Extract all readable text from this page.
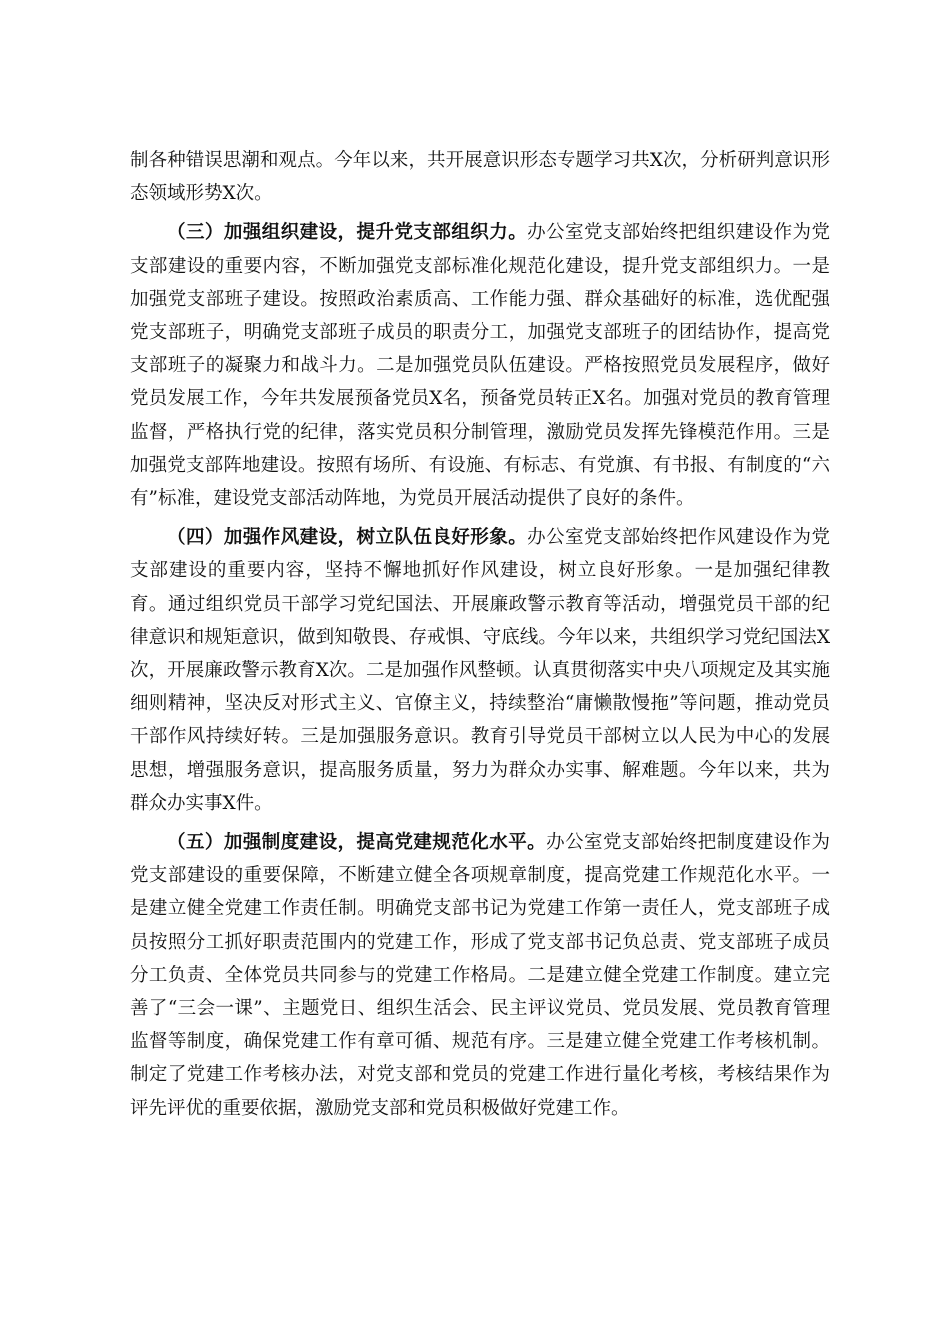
制各种错误思潮和观点。今年以来，共开展意识形态专题学习共X次，分析研判意识形态领域形势X次。

（三）加强组织建设，提升党支部组织力。办公室党支部始终把组织建设作为党支部建设的重要内容，不断加强党支部标准化规范化建设，提升党支部组织力。一是加强党支部班子建设。按照政治素质高、工作能力强、群众基础好的标准，选优配强党支部班子，明确党支部班子成员的职责分工，加强党支部班子的团结协作，提高党支部班子的凝聚力和战斗力。二是加强党员队伍建设。严格按照党员发展程序，做好党员发展工作，今年共发展预备党员X名，预备党员转正X名。加强对党员的教育管理监督，严格执行党的纪律，落实党员积分制管理，激励党员发挥先锋模范作用。三是加强党支部阵地建设。按照有场所、有设施、有标志、有党旗、有书报、有制度的“六有”标准，建设党支部活动阵地，为党员开展活动提供了良好的条件。

（四）加强作风建设，树立队伍良好形象。办公室党支部始终把作风建设作为党支部建设的重要内容，坚持不懈地抓好作风建设，树立良好形象。一是加强纪律教育。通过组织党员干部学习党纪国法、开展廉政警示教育等活动，增强党员干部的纪律意识和规矩意识，做到知敬畏、存戒惧、守底线。今年以来，共组织学习党纪国法X次，开展廉政警示教育X次。二是加强作风整顿。认真贯彻落实中央八项规定及其实施细则精神，坚决反对形式主义、官僚主义，持续整治“庸懒散慢拖”等问题，推动党员干部作风持续好转。三是加强服务意识。教育引导党员干部树立以人民为中心的发展思想，增强服务意识，提高服务质量，努力为群众办实事、解难题。今年以来，共为群众办实事X件。

（五）加强制度建设，提高党建规范化水平。办公室党支部始终把制度建设作为党支部建设的重要保障，不断建立健全各项规章制度，提高党建工作规范化水平。一是建立健全党建工作责任制。明确党支部书记为党建工作第一责任人，党支部班子成员按照分工抓好职责范围内的党建工作，形成了党支部书记负总责、党支部班子成员分工负责、全体党员共同参与的党建工作格局。二是建立健全党建工作制度。建立完善了“三会一课”、主题党日、组织生活会、民主评议党员、党员发展、党员教育管理监督等制度，确保党建工作有章可循、规范有序。三是建立健全党建工作考核机制。制定了党建工作考核办法，对党支部和党员的党建工作进行量化考核，考核结果作为评先评优的重要依据，激励党支部和党员积极做好党建工作。
